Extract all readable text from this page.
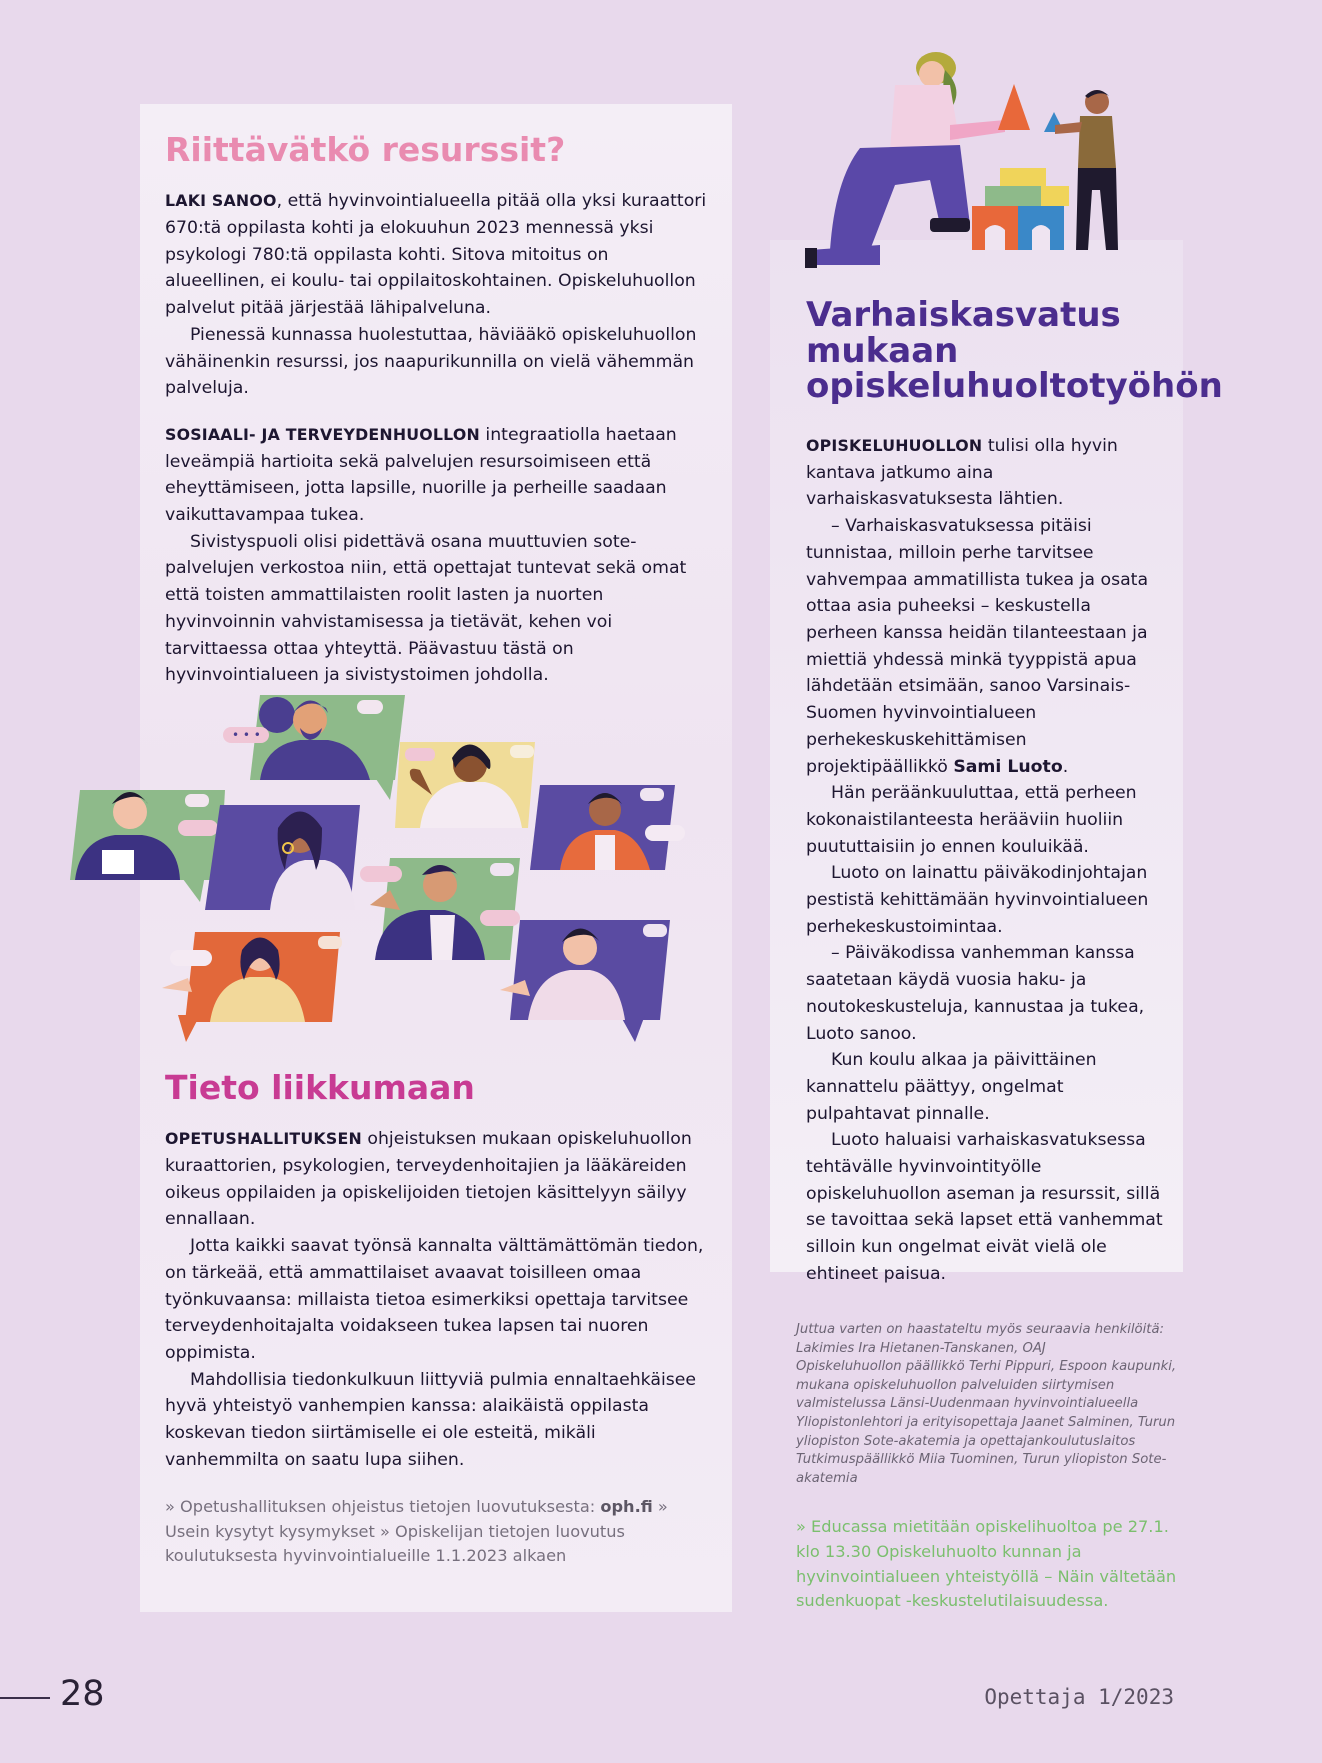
Riittävätkö resurssit?

LAKI SANOO, että hyvinvointialueella pitää olla yksi kuraattori 670:tä oppilasta kohti ja elokuuhun 2023 mennessä yksi psykologi 780:tä oppilasta kohti. Sitova mitoitus on alueellinen, ei koulu- tai oppilaitoskohtainen. Opiskeluhuollon palvelut pitää järjestää lähipalveluna.

Pienessä kunnassa huolestuttaa, häviääkö opiskeluhuollon vähäinenkin resurssi, jos naapurikunnilla on vielä vähemmän palveluja.

SOSIAALI- JA TERVEYDENHUOLLON integraatiolla haetaan leveämpiä hartioita sekä palvelujen resursoimiseen että eheyttämiseen, jotta lapsille, nuorille ja perheille saadaan vaikuttavampaa tukea.

Sivistyspuoli olisi pidettävä osana muuttuvien sote-palvelujen verkostoa niin, että opettajat tuntevat sekä omat että toisten ammattilaisten roolit lasten ja nuorten hyvinvoinnin vahvistamisessa ja tietävät, kehen voi tarvittaessa ottaa yhteyttä. Päävastuu tästä on hyvinvointialueen ja sivistystoimen johdolla.

• • •
Tieto liikkumaan

OPETUSHALLITUKSEN ohjeistuksen mukaan opiskeluhuollon kuraattorien, psykologien, terveydenhoitajien ja lääkäreiden oikeus oppilaiden ja opiskelijoiden tietojen käsittelyyn säilyy ennallaan.

Jotta kaikki saavat työnsä kannalta välttämättömän tiedon, on tärkeää, että ammattilaiset avaavat toisilleen omaa työnkuvaansa: millaista tietoa esimerkiksi opettaja tarvitsee terveydenhoitajalta voidakseen tukea lapsen tai nuoren oppimista.

Mahdollisia tiedonkulkuun liittyviä pulmia ennaltaehkäisee hyvä yhteistyö vanhempien kanssa: alaikäistä oppilasta koskevan tiedon siirtämiselle ei ole esteitä, mikäli vanhemmilta on saatu lupa siihen.

» Opetushallituksen ohjeistus tietojen luovutuksesta: oph.fi » Usein kysytyt kysymykset » Opiskelijan tietojen luovutus koulutuksesta hyvinvointialueille 1.1.2023 alkaen
Varhaiskasvatus mukaan opiskeluhuoltotyöhön

OPISKELUHUOLLON tulisi olla hyvin kantava jatkumo aina varhaiskasvatuksesta lähtien.

– Varhaiskasvatuksessa pitäisi tunnistaa, milloin perhe tarvitsee vahvempaa ammatillista tukea ja osata ottaa asia puheeksi – keskustella perheen kanssa heidän tilanteestaan ja miettiä yhdessä minkä tyyppistä apua lähdetään etsimään, sanoo Varsinais-Suomen hyvinvointialueen perhekeskuskehittämisen projektipäällikkö Sami Luoto.

Hän peräänkuuluttaa, että perheen kokonaistilanteesta herääviin huoliin puututtaisiin jo ennen kouluikää.

Luoto on lainattu päiväkodinjohtajan pestistä kehittämään hyvinvointialueen perhekeskustoimintaa.

– Päiväkodissa vanhemman kanssa saatetaan käydä vuosia haku- ja noutokeskusteluja, kannustaa ja tukea, Luoto sanoo.

Kun koulu alkaa ja päivittäinen kannattelu päättyy, ongelmat pulpahtavat pinnalle.

Luoto haluaisi varhaiskasvatuksessa tehtävälle hyvinvointityölle opiskeluhuollon aseman ja resurssit, sillä se tavoittaa sekä lapset että vanhemmat silloin kun ongelmat eivät vielä ole ehtineet paisua.

Juttua varten on haastateltu myös seuraavia henkilöitä:
Lakimies Ira Hietanen-Tanskanen, OAJ
Opiskeluhuollon päällikkö Terhi Pippuri, Espoon kaupunki, mukana opiskeluhuollon palveluiden siirtymisen valmistelussa Länsi-Uudenmaan hyvinvointialueella
Yliopistonlehtori ja erityisopettaja Jaanet Salminen, Turun yliopiston Sote-akatemia ja opettajankoulutuslaitos
Tutkimuspäällikkö Miia Tuominen, Turun yliopiston Sote-akatemia
» Educassa mietitään opiskelihuoltoa pe 27.1. klo 13.30 Opiskeluhuolto kunnan ja hyvinvointialueen yhteistyöllä – Näin vältetään sudenkuopat -keskustelutilaisuudessa.
28	Opettaja 1/2023
